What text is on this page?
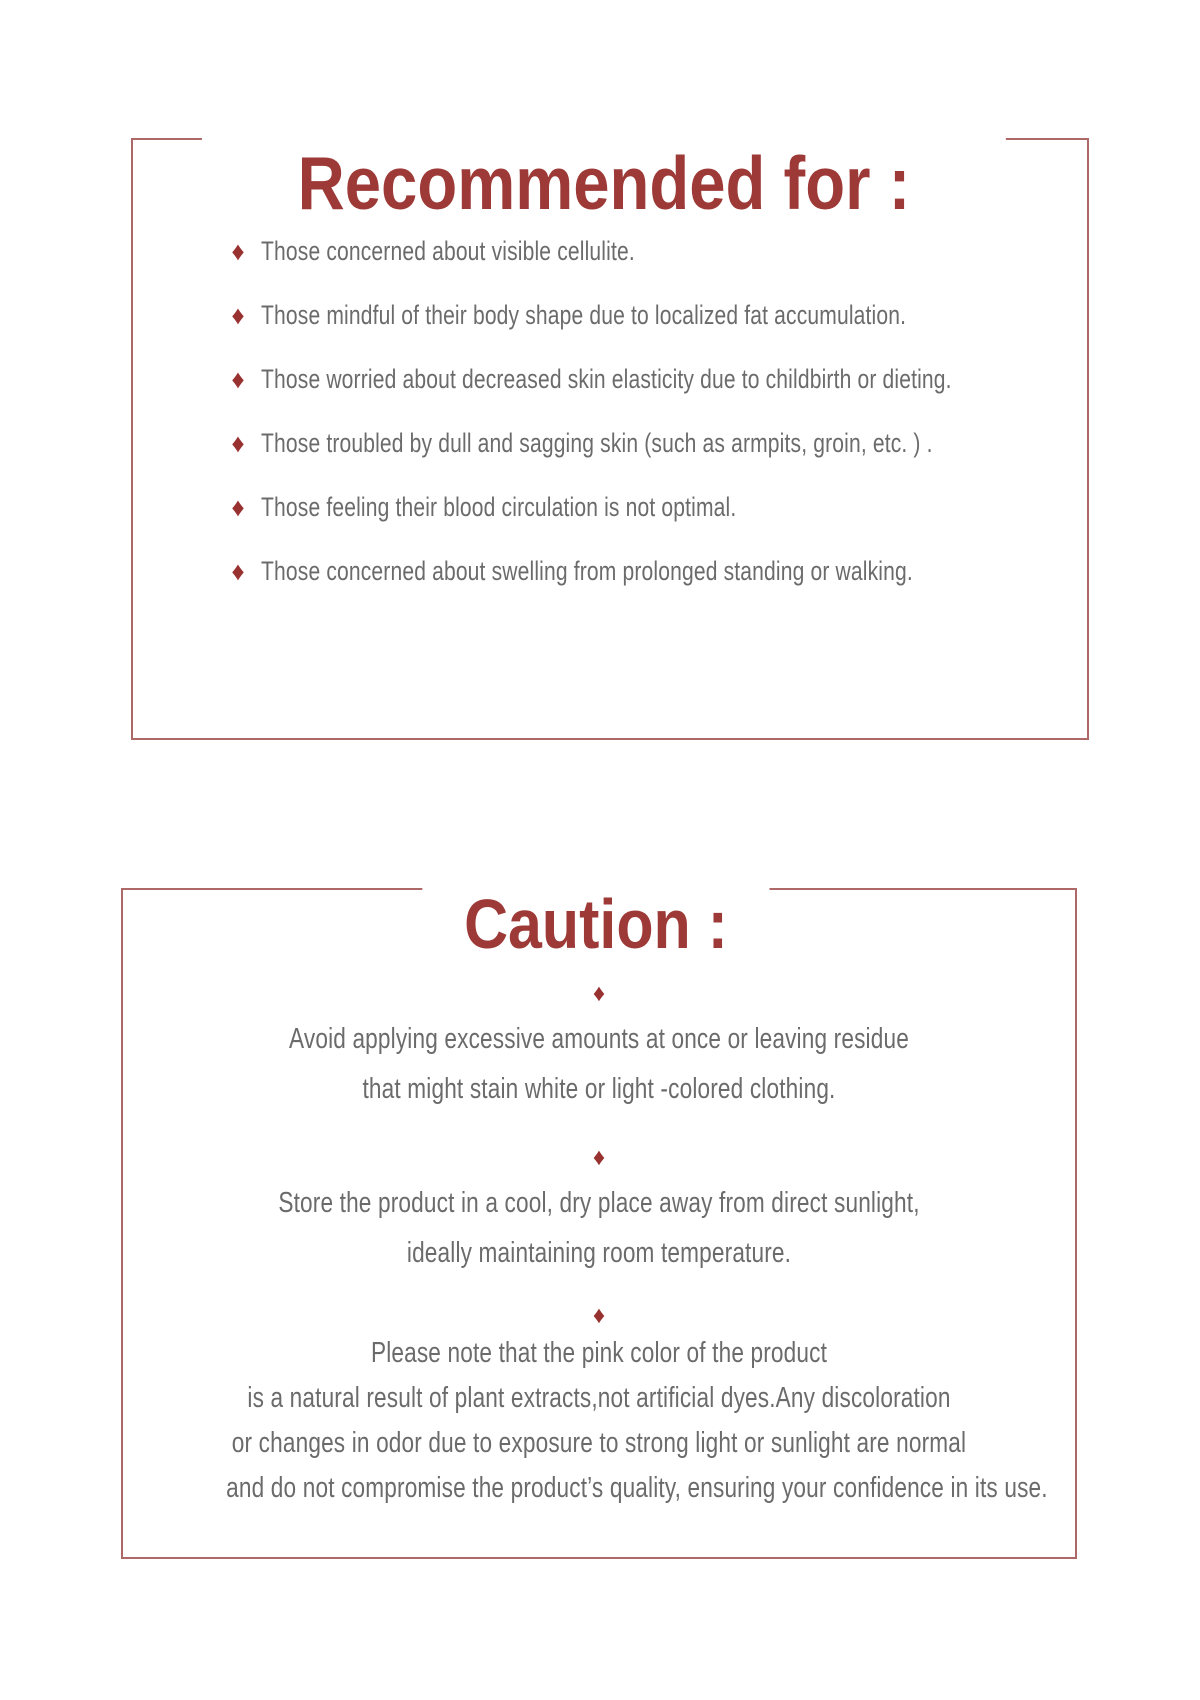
Recommended for :
♦ Those concerned about visible cellulite.
♦ Those mindful of their body shape due to localized fat accumulation.
♦ Those worried about decreased skin elasticity due to childbirth or dieting.
♦ Those troubled by dull and sagging skin (such as armpits, groin, etc. ) .
♦ Those feeling their blood circulation is not optimal.
♦ Those concerned about swelling from prolonged standing or walking.
Caution :
♦

Avoid applying excessive amounts at once or leaving residue

that might stain white or light -colored clothing.

♦

Store the product in a cool, dry place away from direct sunlight,

ideally maintaining room temperature.

♦

Please note that the pink color of the product

is a natural result of plant extracts,not artificial dyes.Any discoloration

or changes in odor due to exposure to strong light or sunlight are normal

and do not compromise the product’s quality, ensuring your confidence in its use.
